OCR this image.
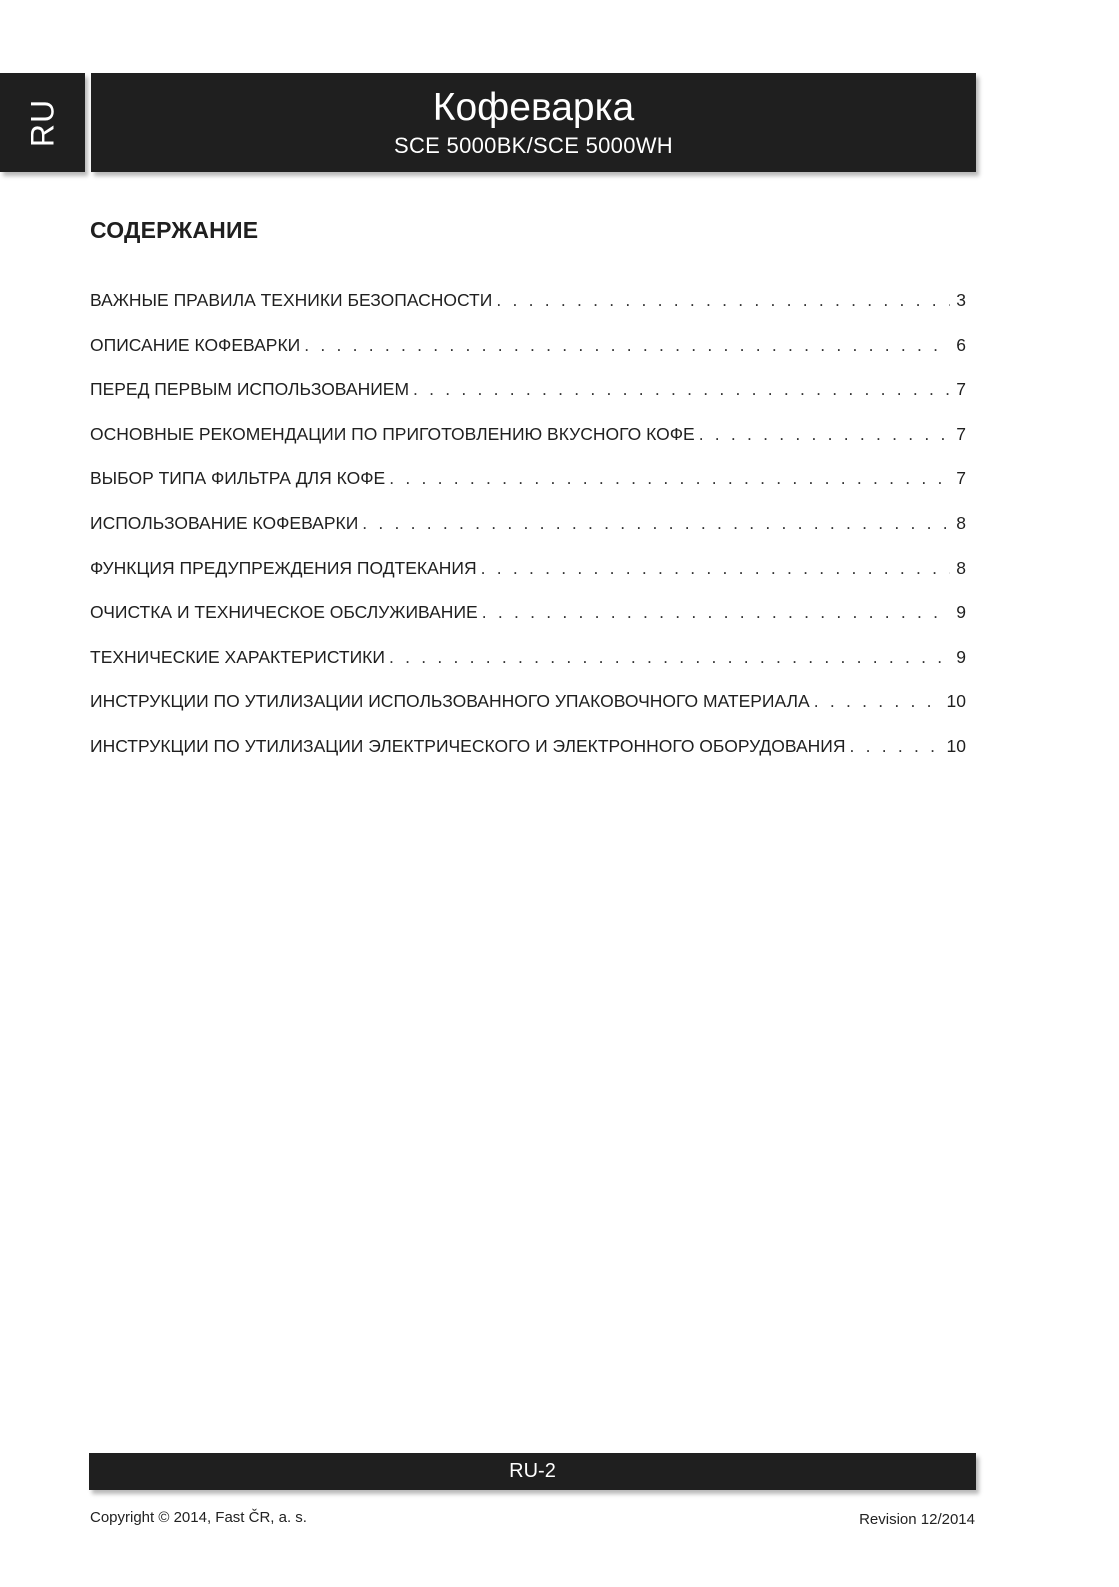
RU	Кофеварка
SCE 5000BK/SCE 5000WH
СОДЕРЖАНИЕ
ВАЖНЫЕ ПРАВИЛА ТЕХНИКИ БЕЗОПАСНОСТИ . . .	3
ОПИСАНИЕ КОФЕВАРКИ . . .	6
ПЕРЕД ПЕРВЫМ ИСПОЛЬЗОВАНИЕМ . . .	7
ОСНОВНЫЕ РЕКОМЕНДАЦИИ ПО ПРИГОТОВЛЕНИЮ ВКУСНОГО КОФЕ . . .	7
ВЫБОР ТИПА ФИЛЬТРА ДЛЯ КОФЕ . . .	7
ИСПОЛЬЗОВАНИЕ КОФЕВАРКИ . . .	8
ФУНКЦИЯ ПРЕДУПРЕЖДЕНИЯ ПОДТЕКАНИЯ . . .	8
ОЧИСТКА И ТЕХНИЧЕСКОЕ ОБСЛУЖИВАНИЕ . . .	9
ТЕХНИЧЕСКИЕ ХАРАКТЕРИСТИКИ . . .	9
ИНСТРУКЦИИ ПО УТИЛИЗАЦИИ ИСПОЛЬЗОВАННОГО УПАКОВОЧНОГО МАТЕРИАЛА . . .	10
ИНСТРУКЦИИ ПО УТИЛИЗАЦИИ ЭЛЕКТРИЧЕСКОГО И ЭЛЕКТРОННОГО ОБОРУДОВАНИЯ . . .	10
RU-2
Copyright © 2014, Fast ČR, a. s.	Revision 12/2014
